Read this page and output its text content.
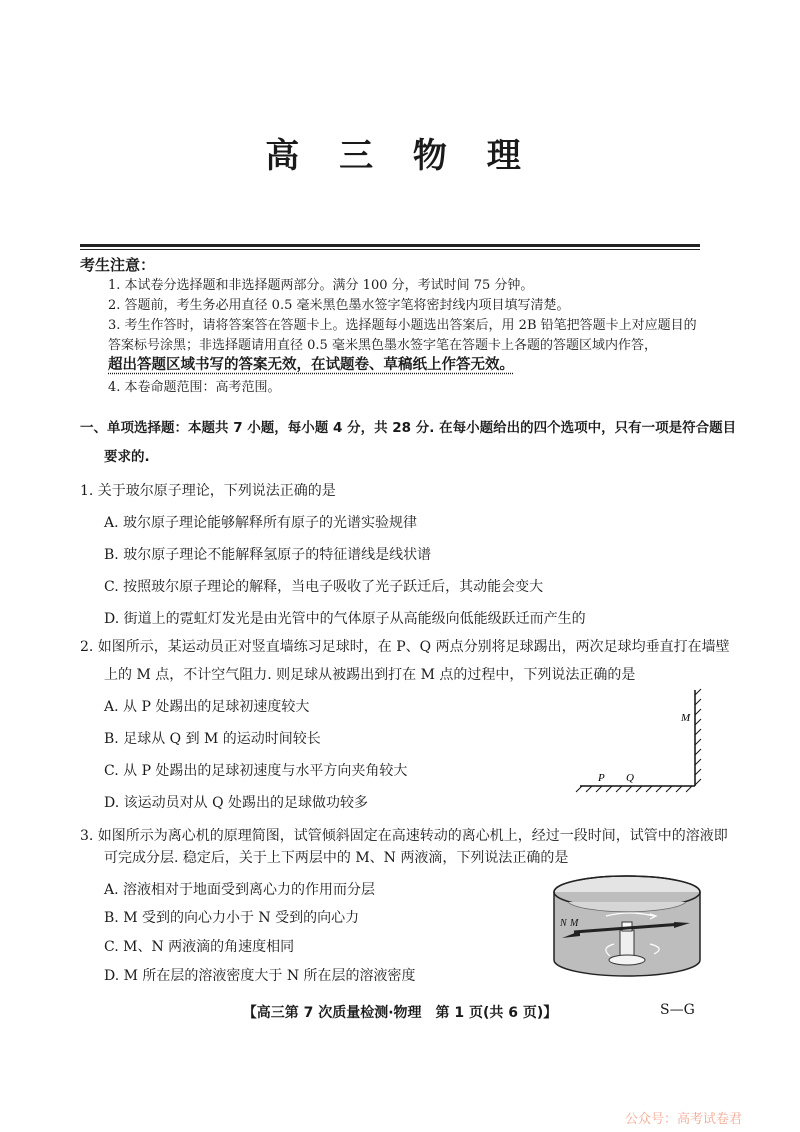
高 三 物 理
考生注意：
1. 本试卷分选择题和非选择题两部分。满分 100 分，考试时间 75 分钟。
2. 答题前，考生务必用直径 0.5 毫米黑色墨水签字笔将密封线内项目填写清楚。
3. 考生作答时，请将答案答在答题卡上。选择题每小题选出答案后，用 2B 铅笔把答题卡上对应题目的
答案标号涂黑；非选择题请用直径 0.5 毫米黑色墨水签字笔在答题卡上各题的答题区域内作答，
超出答题区域书写的答案无效，在试题卷、草稿纸上作答无效。
4. 本卷命题范围：高考范围。
一、单项选择题：本题共 7 小题，每小题 4 分，共 28 分. 在每小题给出的四个选项中，只有一项是符合题目
要求的.
1. 关于玻尔原子理论，下列说法正确的是
A. 玻尔原子理论能够解释所有原子的光谱实验规律
B. 玻尔原子理论不能解释氢原子的特征谱线是线状谱
C. 按照玻尔原子理论的解释，当电子吸收了光子跃迁后，其动能会变大
D. 街道上的霓虹灯发光是由光管中的气体原子从高能级向低能级跃迁而产生的
2. 如图所示，某运动员正对竖直墙练习足球时，在 P、Q 两点分别将足球踢出，两次足球均垂直打在墙壁
上的 M 点，不计空气阻力. 则足球从被踢出到打在 M 点的过程中，下列说法正确的是
A. 从 P 处踢出的足球初速度较大
B. 足球从 Q 到 M 的运动时间较长
C. 从 P 处踢出的足球初速度与水平方向夹角较大
D. 该运动员对从 Q 处踢出的足球做功较多
M
P Q
3. 如图所示为离心机的原理简图，试管倾斜固定在高速转动的离心机上，经过一段时间，试管中的溶液即
可完成分层. 稳定后，关于上下两层中的 M、N 两液滴，下列说法正确的是
A. 溶液相对于地面受到离心力的作用而分层
B. M 受到的向心力小于 N 受到的向心力
C. M、N 两液滴的角速度相同
D. M 所在层的溶液密度大于 N 所在层的溶液密度
N M
【高三第 7 次质量检测·物理　第 1 页(共 6 页)】	S—G
公众号：高考试卷君
